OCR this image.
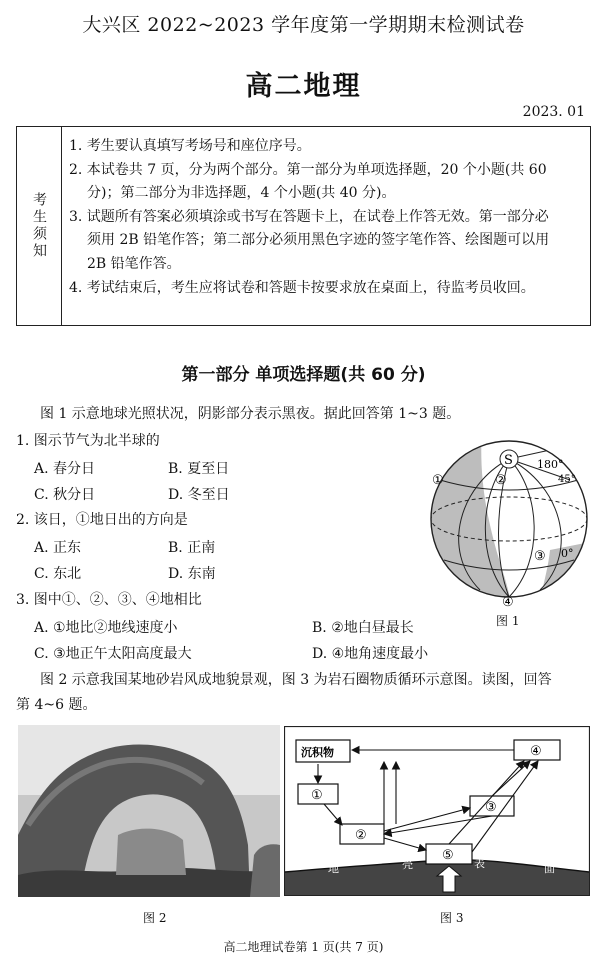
大兴区 2022~2023 学年度第一学期期末检测试卷
高二地理
2023. 01
考生须知
1. 考生要认真填写考场号和座位序号。
2. 本试卷共 7 页，分为两个部分。第一部分为单项选择题，20 个小题(共 60
分)；第二部分为非选择题，4 个小题(共 40 分)。
3. 试题所有答案必须填涂或书写在答题卡上，在试卷上作答无效。第一部分必
须用 2B 铅笔作答；第二部分必须用黑色字迹的签字笔作答、绘图题可以用
2B 铅笔作答。
4. 考试结束后，考生应将试卷和答题卡按要求放在桌面上，待监考员收回。
第一部分 单项选择题(共 60 分)
图 1 示意地球光照状况，阴影部分表示黑夜。据此回答第 1~3 题。
1. 图示节气为北半球的
A. 春分日	B. 夏至日
C. 秋分日	D. 冬至日
2. 该日，①地日出的方向是
A. 正东	B. 正南
C. 东北	D. 东南
3. 图中①、②、③、④地相比
A. ①地比②地线速度小	B. ②地白昼最长
C. ③地正午太阳高度最大	D. ④地角速度最小
图 2 示意我国某地砂岩风成地貌景观，图 3 为岩石圈物质循环示意图。读图，回答
第 4~6 题。
S 180°
45°
①	②
③ 0°
④
图 1
图 2
地	壳	表	面
沉积物
①
②
③
④
⑤
图 3
高二地理试卷第 1 页(共 7 页)
